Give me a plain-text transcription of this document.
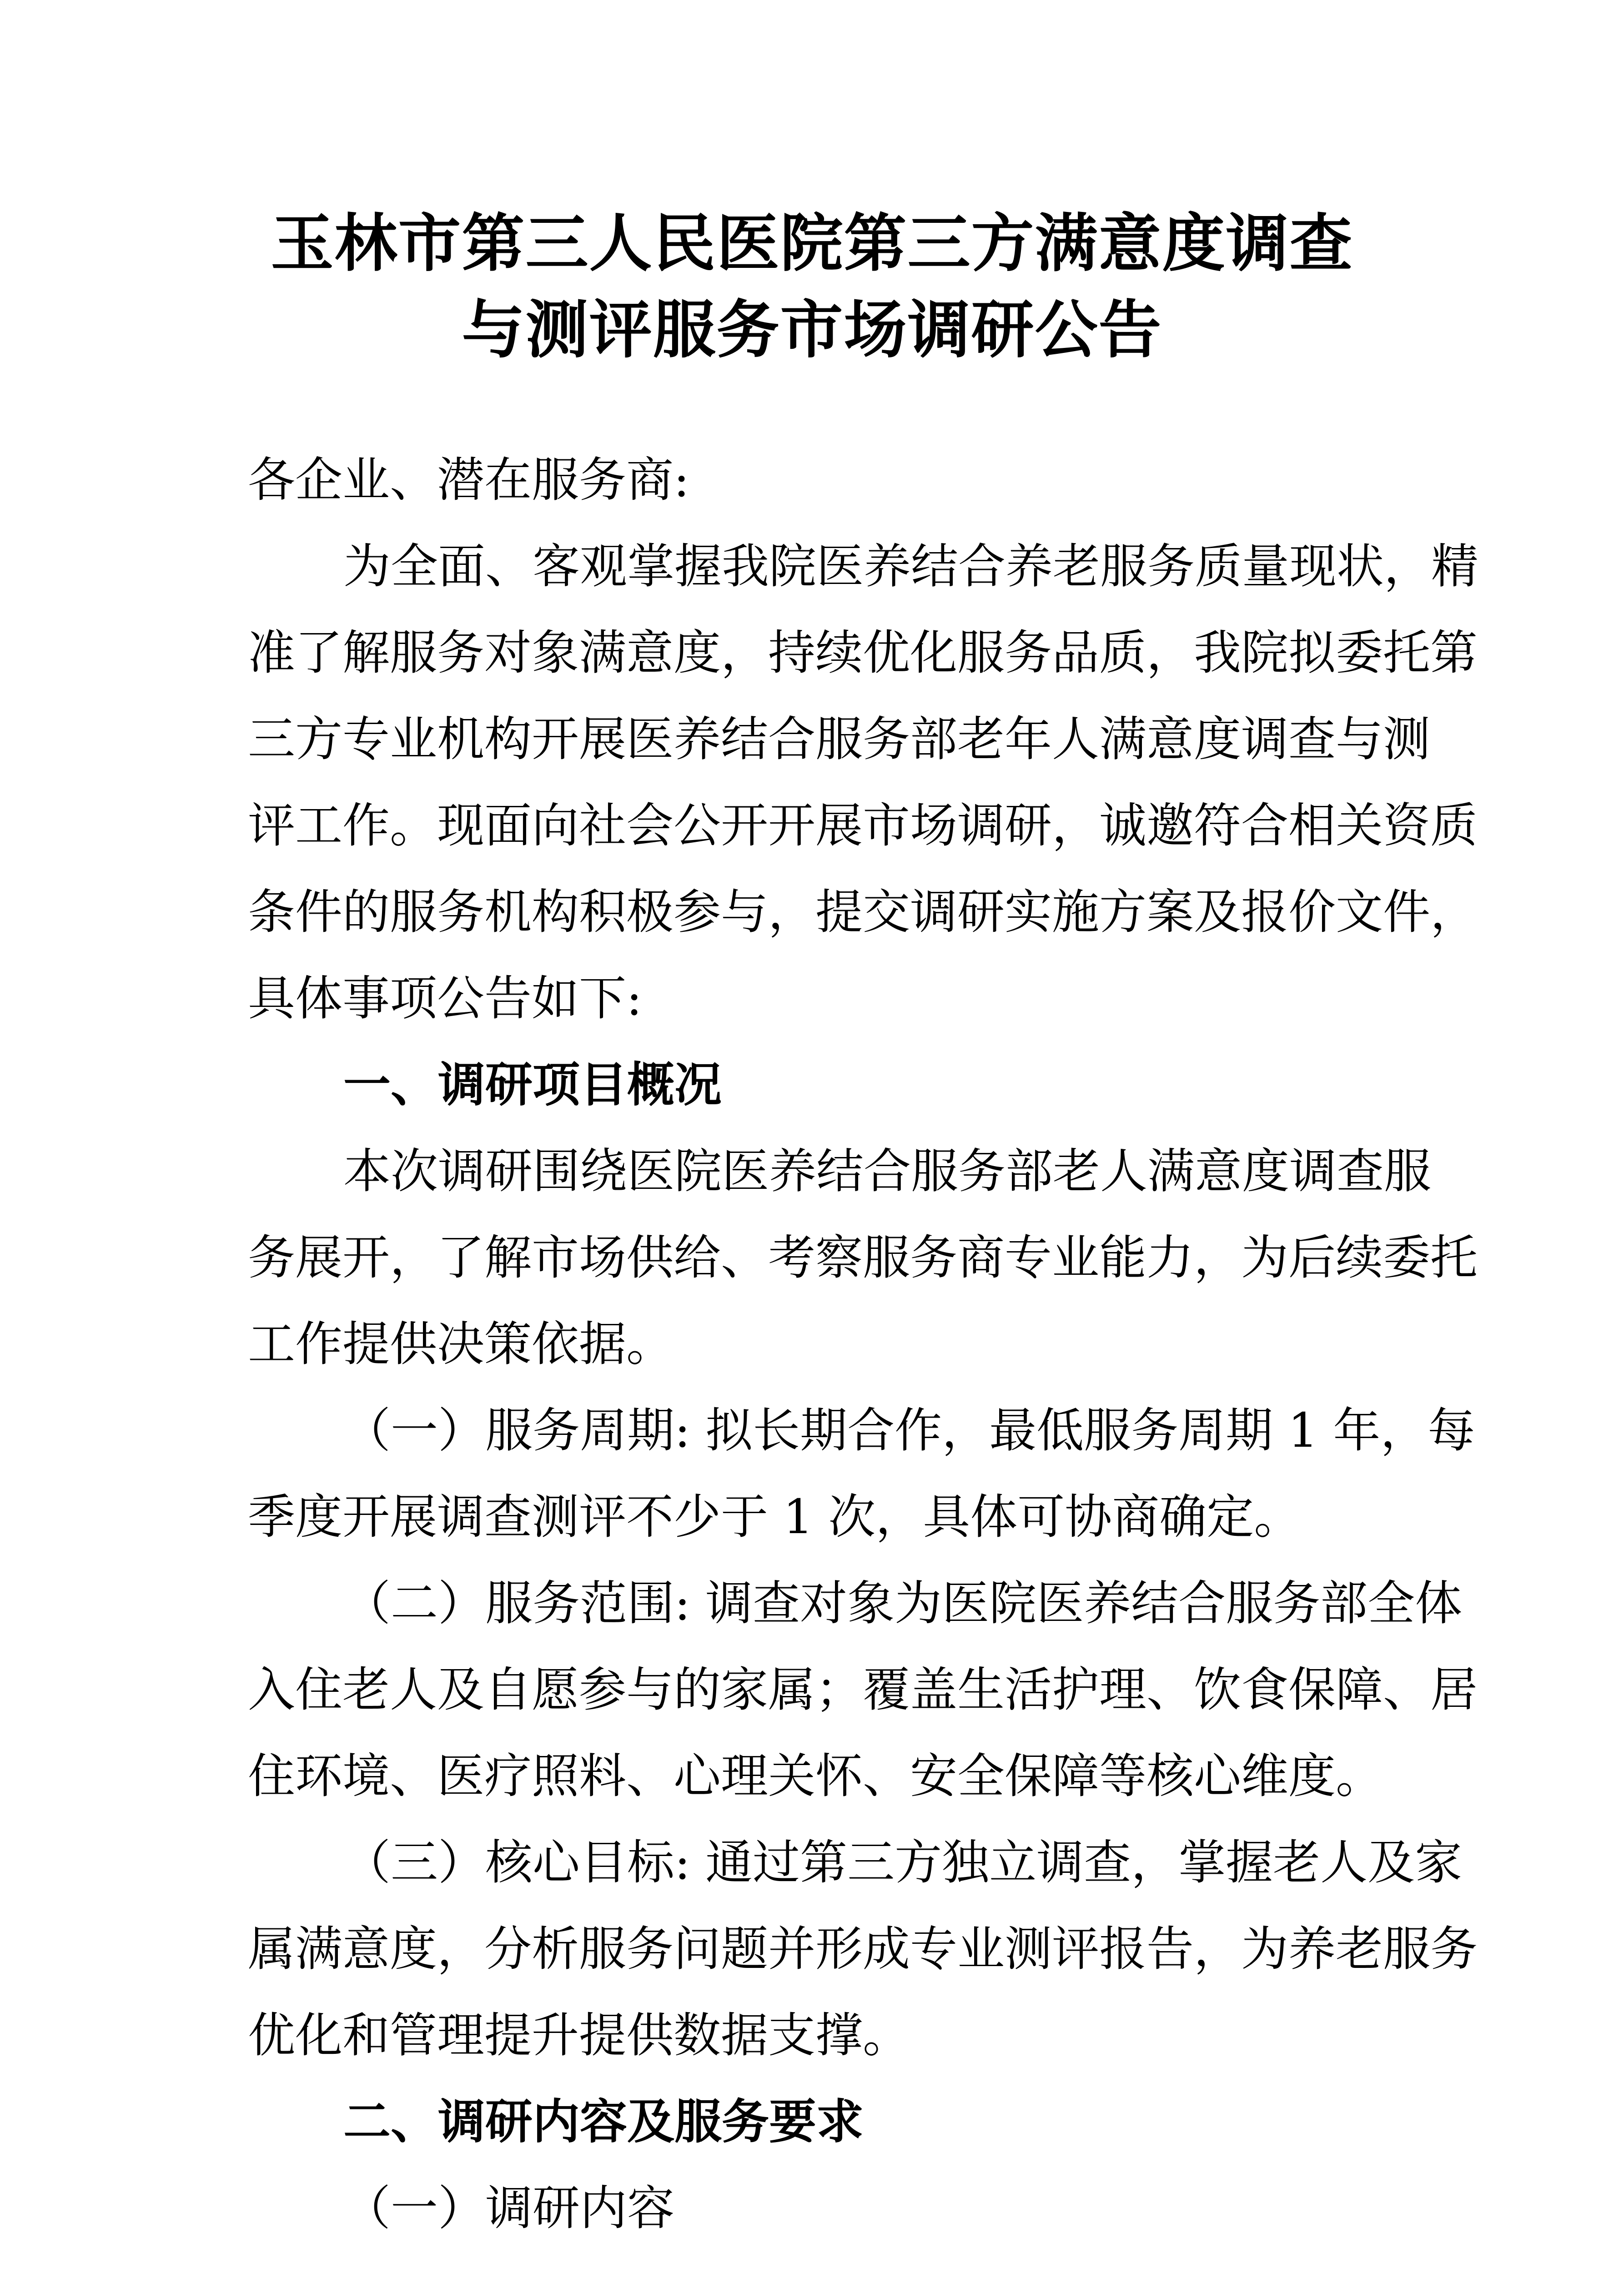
玉林市第三人民医院第三方满意度调查
与测评服务市场调研公告
各企业、潜在服务商:
为全面、客观掌握我院医养结合养老服务质量现状，精
准了解服务对象满意度，持续优化服务品质，我院拟委托第
三方专业机构开展医养结合服务部老年人满意度调查与测
评工作。现面向社会公开开展市场调研，诚邀符合相关资质
条件的服务机构积极参与，提交调研实施方案及报价文件，
具体事项公告如下:
一、调研项目概况
本次调研围绕医院医养结合服务部老人满意度调查服
务展开，了解市场供给、考察服务商专业能力，为后续委托
工作提供决策依据。
（一）服务周期: 拟长期合作，最低服务周期 1 年，每
季度开展调查测评不少于 1 次，具体可协商确定。
（二）服务范围: 调查对象为医院医养结合服务部全体
入住老人及自愿参与的家属；覆盖生活护理、饮食保障、居
住环境、医疗照料、心理关怀、安全保障等核心维度。
（三）核心目标: 通过第三方独立调查，掌握老人及家
属满意度，分析服务问题并形成专业测评报告，为养老服务
优化和管理提升提供数据支撑。
二、调研内容及服务要求
（一）调研内容
